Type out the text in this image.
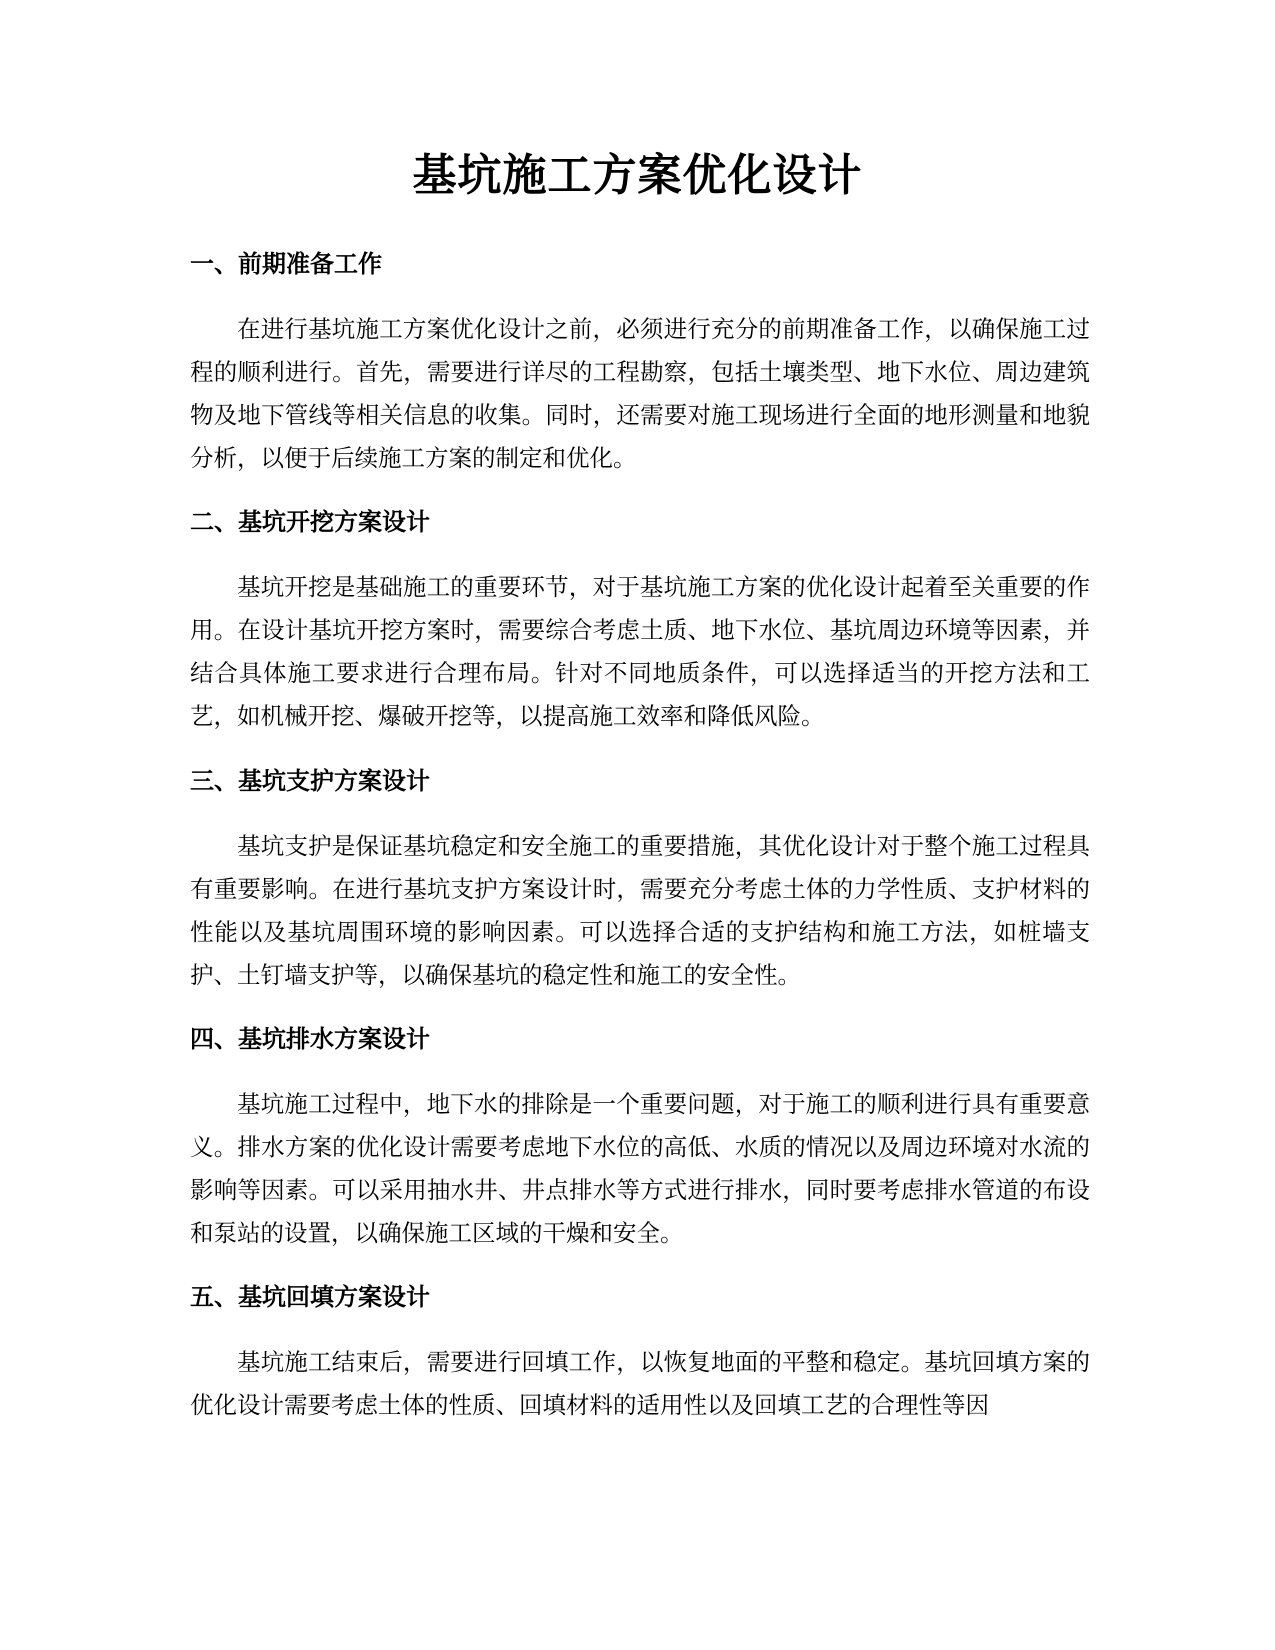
基坑施工方案优化设计
一、前期准备工作

在进行基坑施工方案优化设计之前，必须进行充分的前期准备工作，以确保施工过程的顺利进行。首先，需要进行详尽的工程勘察，包括土壤类型、地下水位、周边建筑物及地下管线等相关信息的收集。同时，还需要对施工现场进行全面的地形测量和地貌分析，以便于后续施工方案的制定和优化。

二、基坑开挖方案设计

基坑开挖是基础施工的重要环节，对于基坑施工方案的优化设计起着至关重要的作用。在设计基坑开挖方案时，需要综合考虑土质、地下水位、基坑周边环境等因素，并结合具体施工要求进行合理布局。针对不同地质条件，可以选择适当的开挖方法和工艺，如机械开挖、爆破开挖等，以提高施工效率和降低风险。

三、基坑支护方案设计

基坑支护是保证基坑稳定和安全施工的重要措施，其优化设计对于整个施工过程具有重要影响。在进行基坑支护方案设计时，需要充分考虑土体的力学性质、支护材料的性能以及基坑周围环境的影响因素。可以选择合适的支护结构和施工方法，如桩墙支护、土钉墙支护等，以确保基坑的稳定性和施工的安全性。

四、基坑排水方案设计

基坑施工过程中，地下水的排除是一个重要问题，对于施工的顺利进行具有重要意义。排水方案的优化设计需要考虑地下水位的高低、水质的情况以及周边环境对水流的影响等因素。可以采用抽水井、井点排水等方式进行排水，同时要考虑排水管道的布设和泵站的设置，以确保施工区域的干燥和安全。

五、基坑回填方案设计

基坑施工结束后，需要进行回填工作，以恢复地面的平整和稳定。基坑回填方案的优化设计需要考虑土体的性质、回填材料的适用性以及回填工艺的合理性等因
